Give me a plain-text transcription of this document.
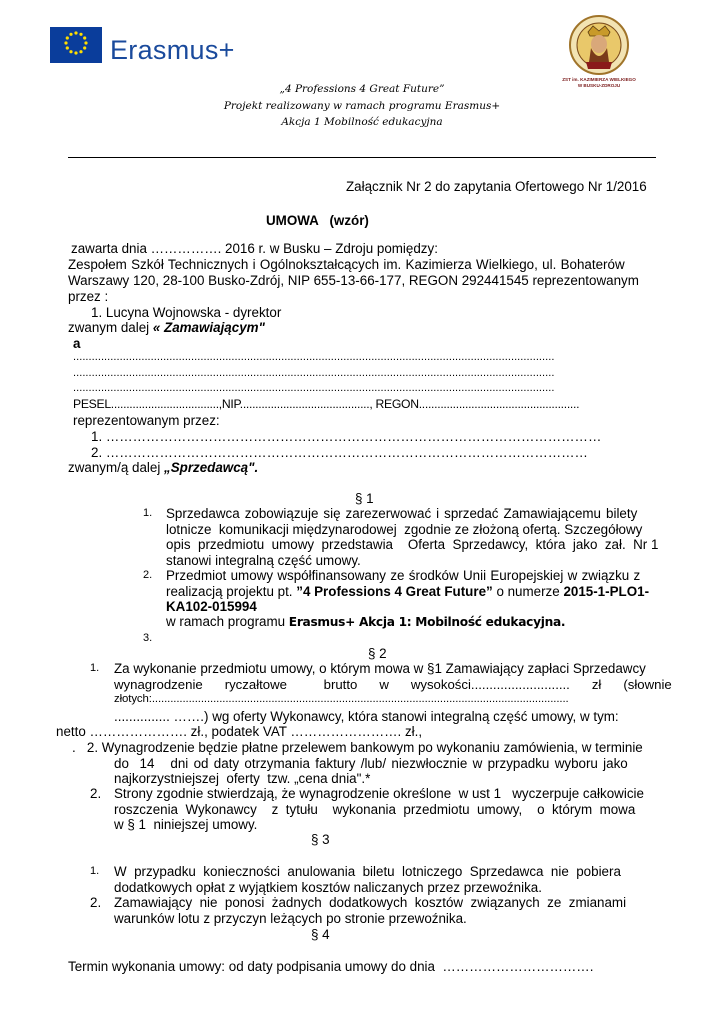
Erasmus+
ZST im. KAZIMIERZA WIELKIEGO W BUSKU-ZDROJU
„4 Professions 4 Great Future”
Projekt realizowany w ramach programu Erasmus+
Akcja 1 Mobilność edukacyjna
Załącznik Nr 2 do zapytania Ofertowego Nr 1/2016
UMOWA   (wzór)
zawarta dnia ……………. 2016 r. w Busku – Zdroju pomiędzy:
Zespołem Szkół Technicznych i Ogólnokształcących im. Kazimierza Wielkiego, ul. Bohaterów
Warszawy 120, 28-100 Busko-Zdrój, NIP 655-13-66-177, REGON 292441545 reprezentowanym
przez :
1. Lucyna Wojnowska - dyrektor
zwanym dalej « Zamawiającym"
a
...........................................................................................................................................................
...........................................................................................................................................................
...........................................................................................................................................................
PESEL...................................,NIP.........................................., REGON....................................................
reprezentowanym przez:
1. …………………………………………………………………………………………………
2. ………………………………………………………………………………………………
zwanym/ą dalej „Sprzedawcą".
§ 1
1. Sprzedawca zobowiązuje się zarezerwować i sprzedać Zamawiającemu bilety
lotnicze  komunikacji międzynarodowej  zgodnie ze złożoną ofertą. Szczegółowy
opis  przedmiotu  umowy  przedstawia    Oferta  Sprzedawcy,  która  jako  zał.  Nr 1
stanowi integralną część umowy.
2. Przedmiot umowy współfinansowany ze środków Unii Europejskiej w związku z
realizacją projektu pt. ”4 Professions 4 Great Future” o numerze 2015-1-PLO1-
KA102-015994
w ramach programu Erasmus+ Akcja 1: Mobilność edukacyjna.
3.
§ 2
1. Za wykonanie przedmiotu umowy, o którym mowa w §1 Zamawiający zapłaci Sprzedawcy
wynagrodzenie      ryczałtowe          brutto      w      wysokości...........................      zł      (słownie
złotych:........................................................................................................................................
............... …….) wg oferty Wykonawcy, która stanowi integralną część umowy, w tym:
netto …………………. zł., podatek VAT ……………………. zł.,
.   2. Wynagrodzenie będzie płatne przelewem bankowym po wykonaniu zamówienia, w terminie
do  14   dni od daty otrzymania faktury /lub/ niezwłocznie w przypadku wyboru jako
najkorzystniejszej  oferty  tzw. „cena dnia".*
2. Strony zgodnie stwierdzają, że wynagrodzenie określone  w ust 1   wyczerpuje całkowicie
roszczenia  Wykonawcy    z  tytułu    wykonania  przedmiotu  umowy,    o  którym  mowa
w § 1  niniejszej umowy.
§ 3
1. W  przypadku  konieczności  anulowania  biletu  lotniczego  Sprzedawca  nie  pobiera
dodatkowych opłat z wyjątkiem kosztów naliczanych przez przewoźnika.
2. Zamawiający  nie  ponosi  żadnych  dodatkowych  kosztów  związanych  ze  zmianami
warunków lotu z przyczyn leżących po stronie przewoźnika.
§ 4
Termin wykonania umowy: od daty podpisania umowy do dnia  …………………………….
